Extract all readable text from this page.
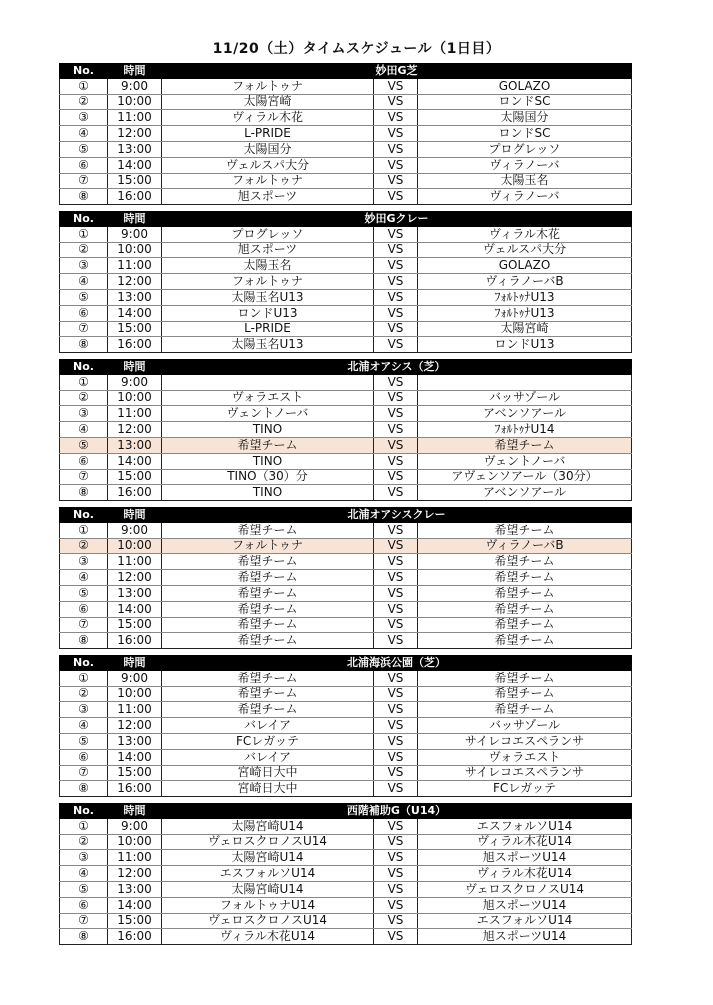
11/20（土）タイムスケジュール（1日目）
No.	時間	妙田G芝		
①	9:00	フォルトゥナ	VS	GOLAZO
②	10:00	太陽宮崎	VS	ロンドSC
③	11:00	ヴィラル木花	VS	太陽国分
④	12:00	L-PRIDE	VS	ロンドSC
⑤	13:00	太陽国分	VS	プログレッソ
⑥	14:00	ヴェルスパ大分	VS	ヴィラノーバ
⑦	15:00	フォルトゥナ	VS	太陽玉名
⑧	16:00	旭スポーツ	VS	ヴィラノーバ
No.	時間	妙田Gクレー		
①	9:00	プログレッソ	VS	ヴィラル木花
②	10:00	旭スポーツ	VS	ヴェルスパ大分
③	11:00	太陽玉名	VS	GOLAZO
④	12:00	フォルトゥナ	VS	ヴィラノーバB
⑤	13:00	太陽玉名U13	VS	ﾌｫﾙﾄｩﾅU13
⑥	14:00	ロンドU13	VS	ﾌｫﾙﾄｩﾅU13
⑦	15:00	L-PRIDE	VS	太陽宮崎
⑧	16:00	太陽玉名U13	VS	ロンドU13
No.	時間	北浦オアシス（芝）		
①	9:00		VS	
②	10:00	ヴォラエスト	VS	バッサゾール
③	11:00	ヴェントノーバ	VS	アベンソアール
④	12:00	TINO	VS	ﾌｫﾙﾄｩﾅU14
⑤	13:00	希望チーム	VS	希望チーム
⑥	14:00	TINO	VS	ヴェントノーバ
⑦	15:00	TINO（30）分	VS	アヴェンソアール（30分）
⑧	16:00	TINO	VS	アベンソアール
No.	時間	北浦オアシスクレー		
①	9:00	希望チーム	VS	希望チーム
②	10:00	フォルトゥナ	VS	ヴィラノーバB
③	11:00	希望チーム	VS	希望チーム
④	12:00	希望チーム	VS	希望チーム
⑤	13:00	希望チーム	VS	希望チーム
⑥	14:00	希望チーム	VS	希望チーム
⑦	15:00	希望チーム	VS	希望チーム
⑧	16:00	希望チーム	VS	希望チーム
No.	時間	北浦海浜公園（芝）		
①	9:00	希望チーム	VS	希望チーム
②	10:00	希望チーム	VS	希望チーム
③	11:00	希望チーム	VS	希望チーム
④	12:00	バレイア	VS	バッサゾール
⑤	13:00	FCレガッテ	VS	サイレコエスペランサ
⑥	14:00	バレイア	VS	ヴォラエスト
⑦	15:00	宮崎日大中	VS	サイレコエスペランサ
⑧	16:00	宮崎日大中	VS	FCレガッテ
No.	時間	西階補助G（U14）		
①	9:00	太陽宮崎U14	VS	エスフォルソU14
②	10:00	ヴェロスクロノスU14	VS	ヴィラル木花U14
③	11:00	太陽宮崎U14	VS	旭スポーツU14
④	12:00	エスフォルソU14	VS	ヴィラル木花U14
⑤	13:00	太陽宮崎U14	VS	ヴェロスクロノスU14
⑥	14:00	フォルトゥナU14	VS	旭スポーツU14
⑦	15:00	ヴェロスクロノスU14	VS	エスフォルソU14
⑧	16:00	ヴィラル木花U14	VS	旭スポーツU14
